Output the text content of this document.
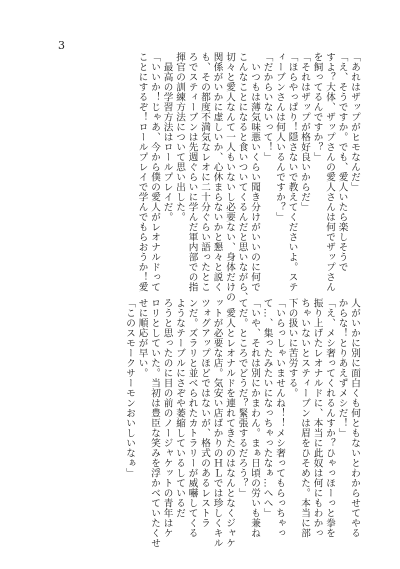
3
「あれはザップがヒモなんだ」
「え、そうですか。でも、愛人いたら楽しそうで
すよ？大体、ザップさんの愛人さんは何でザップさん
を飼ってるんですか？」
「それはザップが格好良いからだ」
「ほらやっぱり！隠さないで教えてくださいよ。ステ
ィーブンさんは何人いるんですか？」
「だからいないって！」
　いつもは薄気味悪いくらい聞き分けがいいのに何で
こんなことになると食いついてくるんだと思いながら、
切々と愛人なんて一人もいないし必要ない、身体だけの
関係がいかに虚しいか、心休まらないかと懇々と説く
も、その都度不満気なレオに二十分ぐらい語ったとこ
ろでスティーブンは先週ぐらいに学んだ軍内部での指
揮官の訓練方法について思い出した。
　最高の学習方法はロールプレイだ。
「いいか！じゃあ、今から僕の愛人がレオナルドって
ことにするぞ！ロールプレイで学んでもらおうか！愛
人がいかに別に面白くも何ともないとわからせてやる
からな！とりあえずメシだ！」
「え、メシ奢ってくれるんすか？ひゃっほーっと拳を
振り上げたレオナルドに、本当に此奴は何にもわかっ
ちゃいないとスティーブンは眉をひそめた。本当に部
下の扱いに苦労する。
「いらっしゃいませんね！！メシ奢ってもらっちゃっ
て…、集ったみたいになっちゃったなぁ…へへ」
「いや、それは別にかまわん。まぁ日頃の労いも兼ね
てだ。ところでどうだ？緊張するだろう？」
　愛人とレオナルドを連れてきたのはなんとなくジャケ
ットが必要な店。気安い店ばかりのＨＬでは珍しくキル
ツォグアップほどではないが、格式のあるレストラ
ンだ。ズラリと並べられたカトラリーが威嚇してくる
ようなテーブルにさぞや萎縮しているしているだ
ろうと思ったのに目の前のノージャケットの青年はケ
ロリとしていた。当初は豊臣な笑みを浮かべていたくせ
せに順応が早い。
「このスモークサーモンおいしいなぁ」
